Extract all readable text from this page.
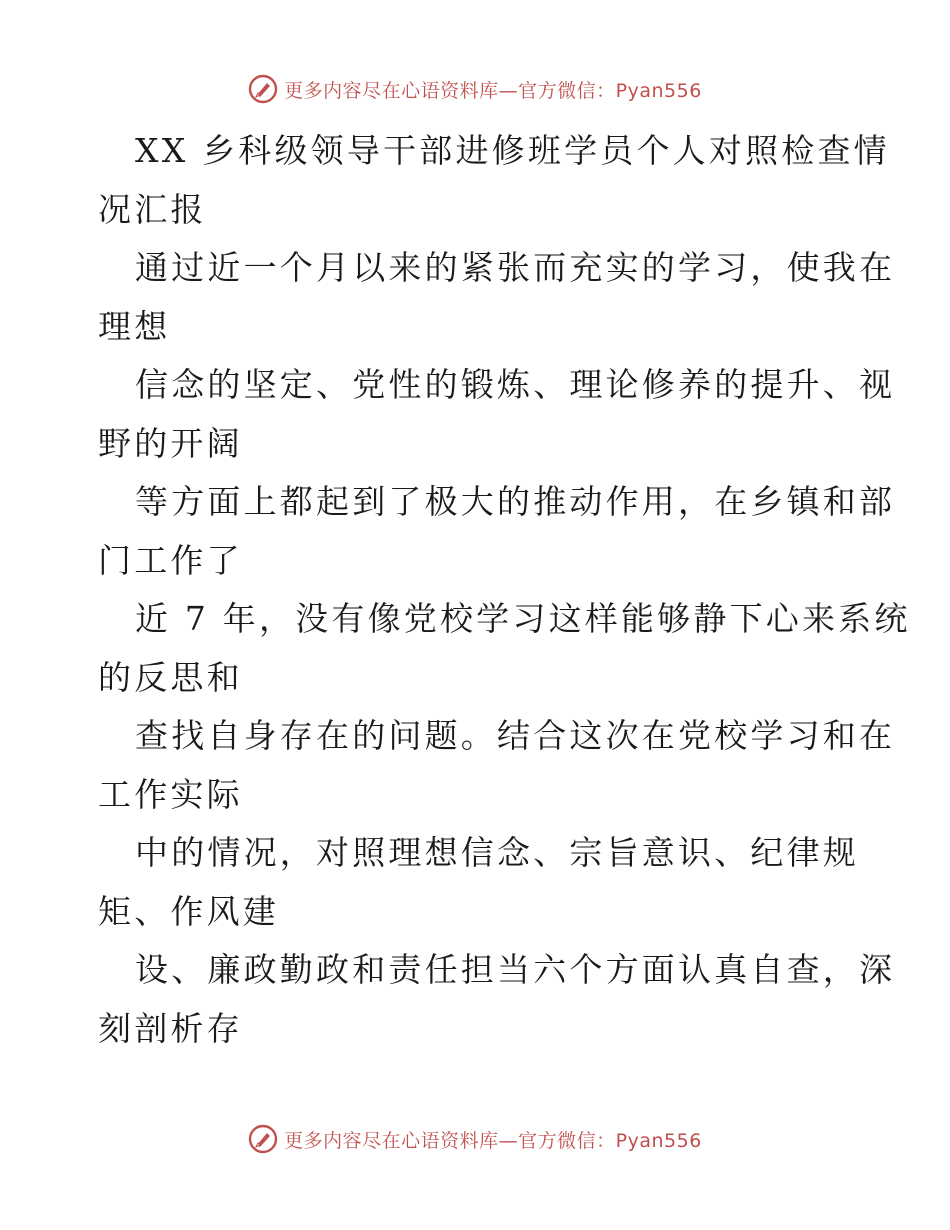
更多内容尽在心语资料库—官方微信：Pyan556
XX 乡科级领导干部进修班学员个人对照检查情
况汇报
通过近一个月以来的紧张而充实的学习，使我在
理想
信念的坚定、党性的锻炼、理论修养的提升、视
野的开阔
等方面上都起到了极大的推动作用，在乡镇和部
门工作了
近 7 年，没有像党校学习这样能够静下心来系统
的反思和
查找自身存在的问题。结合这次在党校学习和在
工作实际
中的情况，对照理想信念、宗旨意识、纪律规
矩、作风建
设、廉政勤政和责任担当六个方面认真自查，深
刻剖析存
更多内容尽在心语资料库—官方微信：Pyan556
